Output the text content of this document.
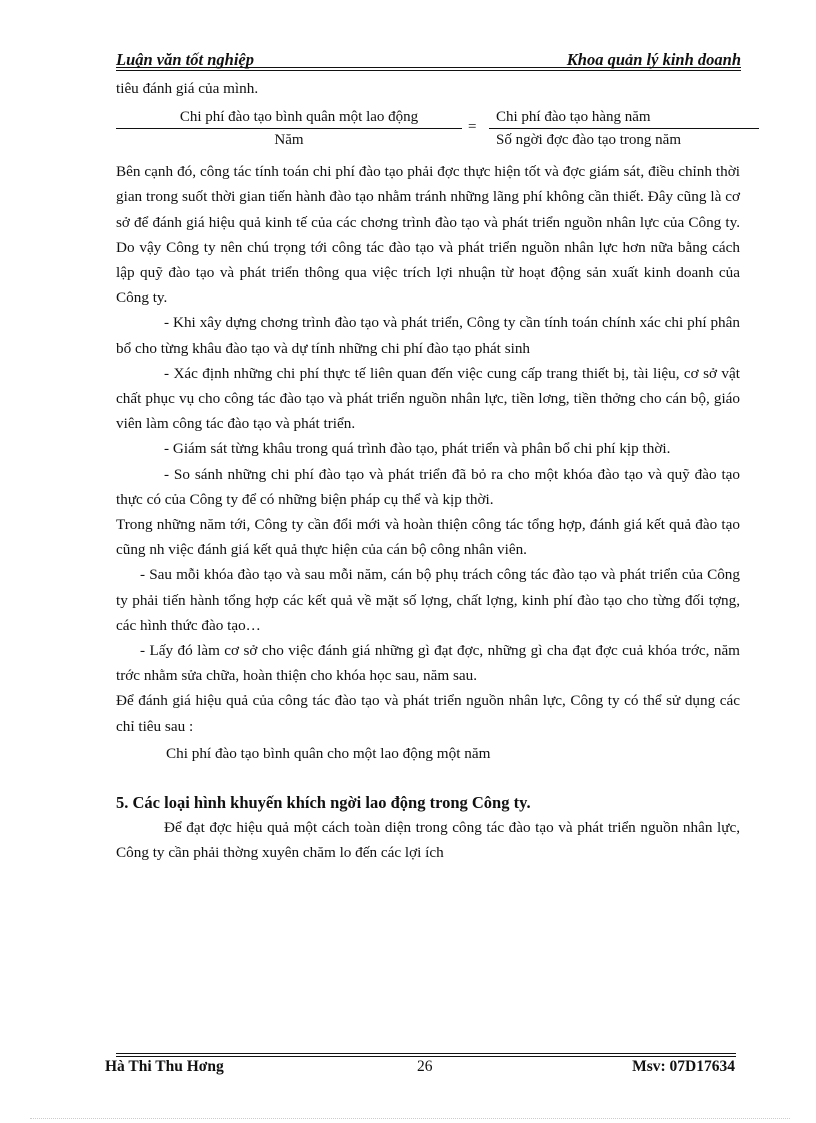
Luận văn tốt nghiệp	Khoa quản lý kinh doanh

tiêu đánh giá của mình.

Chi phí đào tạo bình quân một lao động
Năm
=
Chi phí đào tạo hàng năm
Số ngời đợc đào tạo trong năm

Bên cạnh đó, công tác tính toán chi phí đào tạo phải đợc thực hiện tốt và đợc giám sát, điều chỉnh thời gian trong suốt thời gian tiến hành đào tạo nhằm tránh những lãng phí không cần thiết. Đây cũng là cơ sở để đánh giá hiệu quả kinh tế của các chơng trình đào tạo và phát triển nguồn nhân lực của Công ty. Do vậy Công ty nên chú trọng tới công tác đào tạo và phát triển nguồn nhân lực hơn nữa bằng cách lập quỹ đào tạo và phát triển thông qua việc trích lợi nhuận từ hoạt động sản xuất kinh doanh của Công ty.

- Khi xây dựng chơng trình đào tạo và phát triển, Công ty cần tính toán chính xác chi phí phân bổ cho từng khâu đào tạo và dự tính những chi phí đào tạo phát sinh

- Xác định những chi phí thực tế liên quan đến việc cung cấp trang thiết bị, tài liệu, cơ sở vật chất phục vụ cho công tác đào tạo và phát triển nguồn nhân lực, tiền lơng, tiền thởng cho cán bộ, giáo viên làm công tác đào tạo và phát triển.

- Giám sát từng khâu trong quá trình đào tạo, phát triển và phân bổ chi phí kịp thời.

- So sánh những chi phí đào tạo và phát triển đã bỏ ra cho một khóa đào tạo và quỹ đào tạo thực có của Công ty để có những biện pháp cụ thể và kịp thời.

Trong những năm tới, Công ty cần đổi mới và hoàn thiện công tác tổng hợp, đánh giá kết quả đào tạo cũng nh việc đánh giá kết quả thực hiện của cán bộ công nhân viên.

- Sau mỗi khóa đào tạo và sau mỗi năm, cán bộ phụ trách công tác đào tạo và phát triển của Công ty phải tiến hành tổng hợp các kết quả về mặt số lợng, chất lợng, kinh phí đào tạo cho từng đối tợng, các hình thức đào tạo…

- Lấy đó làm cơ sở cho việc đánh giá những gì đạt đợc, những gì cha đạt đợc cuả khóa trớc, năm trớc nhằm sửa chữa, hoàn thiện cho khóa học sau, năm sau.

Để đánh giá hiệu quả của công tác đào tạo và phát triển nguồn nhân lực, Công ty có thể sử dụng các chỉ tiêu sau :

Chi phí đào tạo bình quân cho một lao động một năm

5. Các loại hình khuyến khích ngời lao động trong Công ty.

Để đạt đợc hiệu quả một cách toàn diện trong công tác đào tạo và phát triển nguồn nhân lực, Công ty cần phải thờng xuyên chăm lo đến các lợi ích

Hà Thi Thu Hơng	26	Msv: 07D17634
